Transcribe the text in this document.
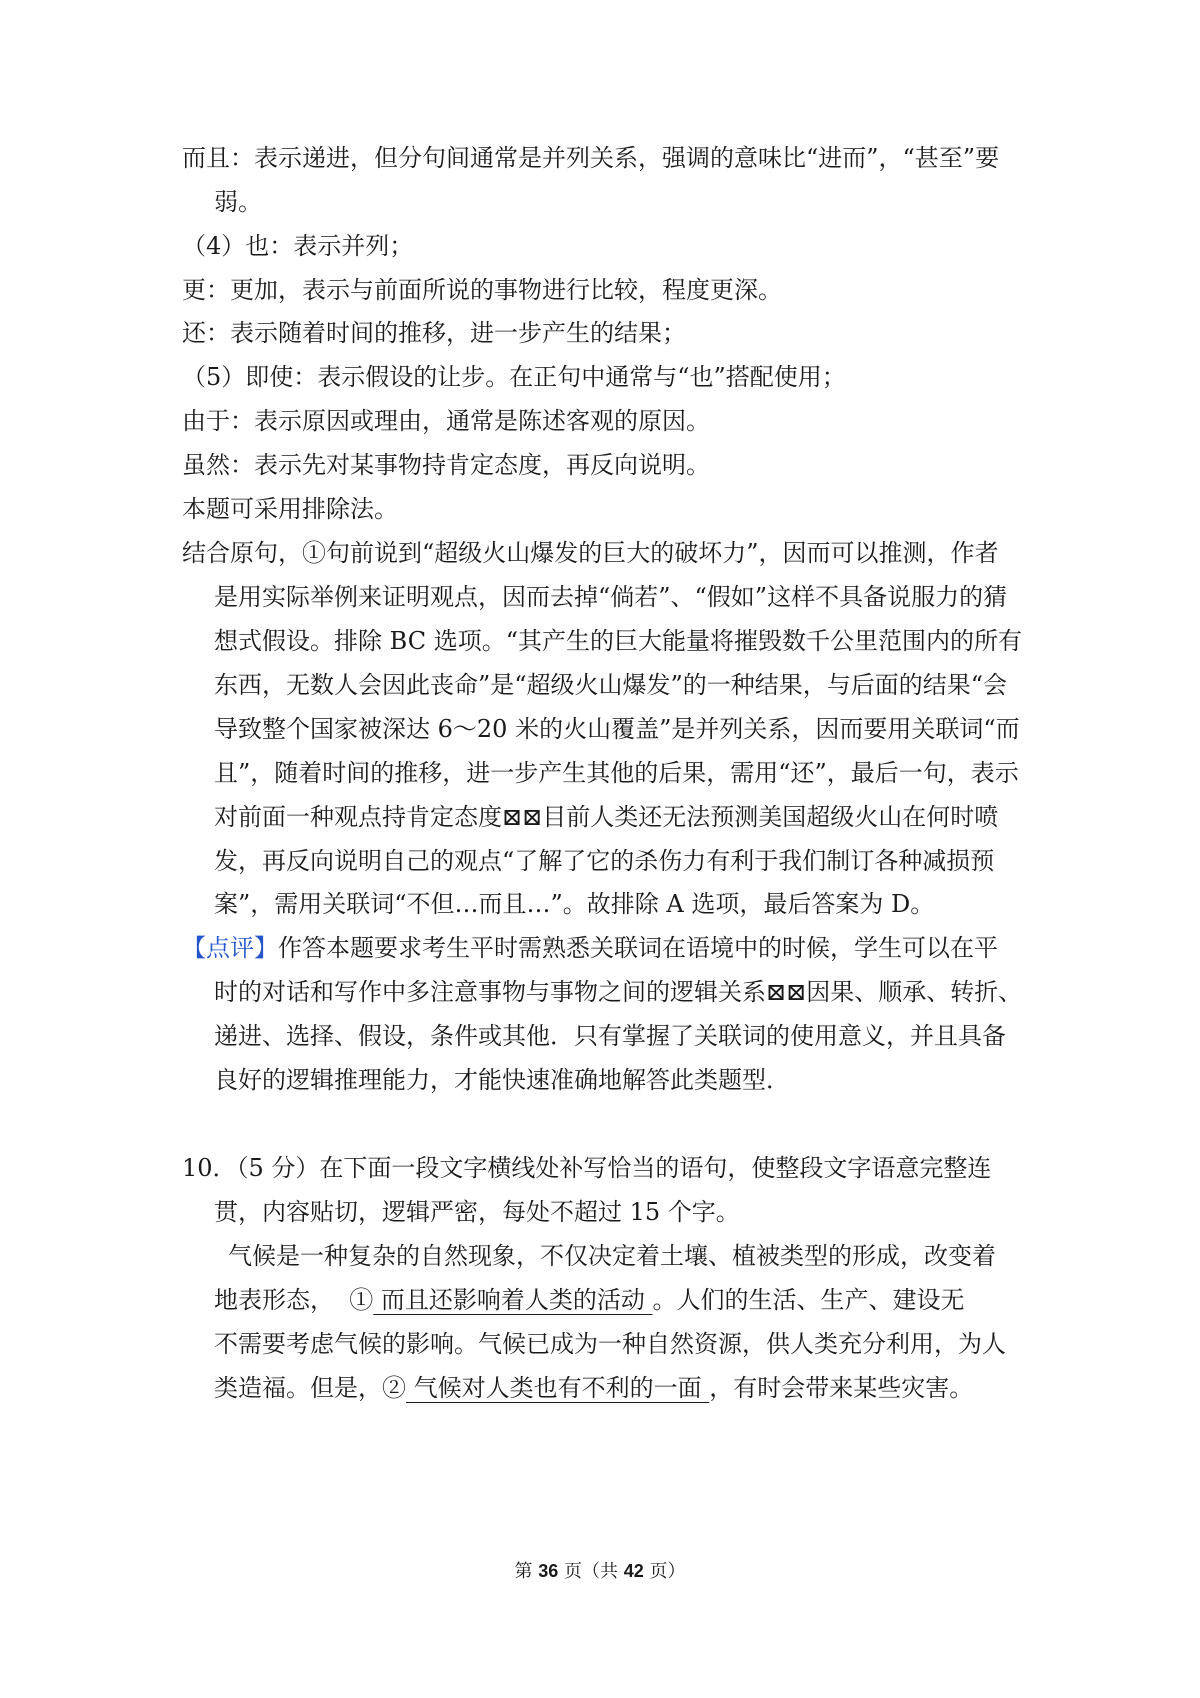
而且：表示递进，但分句间通常是并列关系，强调的意味比“进而”，“甚至”要
弱。
（4）也：表示并列；
更：更加，表示与前面所说的事物进行比较，程度更深。
还：表示随着时间的推移，进一步产生的结果；
（5）即使：表示假设的让步。在正句中通常与“也”搭配使用；
由于：表示原因或理由，通常是陈述客观的原因。
虽然：表示先对某事物持肯定态度，再反向说明。
本题可采用排除法。
结合原句，①句前说到“超级火山爆发的巨大的破坏力”，因而可以推测，作者
是用实际举例来证明观点，因而去掉“倘若”、“假如”这样不具备说服力的猜
想式假设。排除 BC 选项。“其产生的巨大能量将摧毁数千公里范围内的所有
东西，无数人会因此丧命”是“超级火山爆发”的一种结果，与后面的结果“会
导致整个国家被深达 6～20 米的火山覆盖”是并列关系，因而要用关联词“而
且”，随着时间的推移，进一步产生其他的后果，需用“还”，最后一句，表示
对前面一种观点持肯定态度⊠⊠目前人类还无法预测美国超级火山在何时喷
发，再反向说明自己的观点“了解了它的杀伤力有利于我们制订各种减损预
案”，需用关联词“不但…而且…”。故排除 A 选项，最后答案为 D。
【点评】作答本题要求考生平时需熟悉关联词在语境中的时候，学生可以在平
时的对话和写作中多注意事物与事物之间的逻辑关系⊠⊠因果、顺承、转折、
递进、选择、假设，条件或其他．只有掌握了关联词的使用意义，并且具备
良好的逻辑推理能力，才能快速准确地解答此类题型．
10．（5 分）在下面一段文字横线处补写恰当的语句，使整段文字语意完整连
贯，内容贴切，逻辑严密，每处不超过 15 个字。
气候是一种复杂的自然现象，不仅决定着土壤、植被类型的形成，改变着
地表形态， ① 而且还影响着人类的活动 。人们的生活、生产、建设无
不需要考虑气候的影响。气候已成为一种自然资源，供人类充分利用，为人
类造福。但是，② 气候对人类也有不利的一面 ，有时会带来某些灾害。
第 36 页（共 42 页）
